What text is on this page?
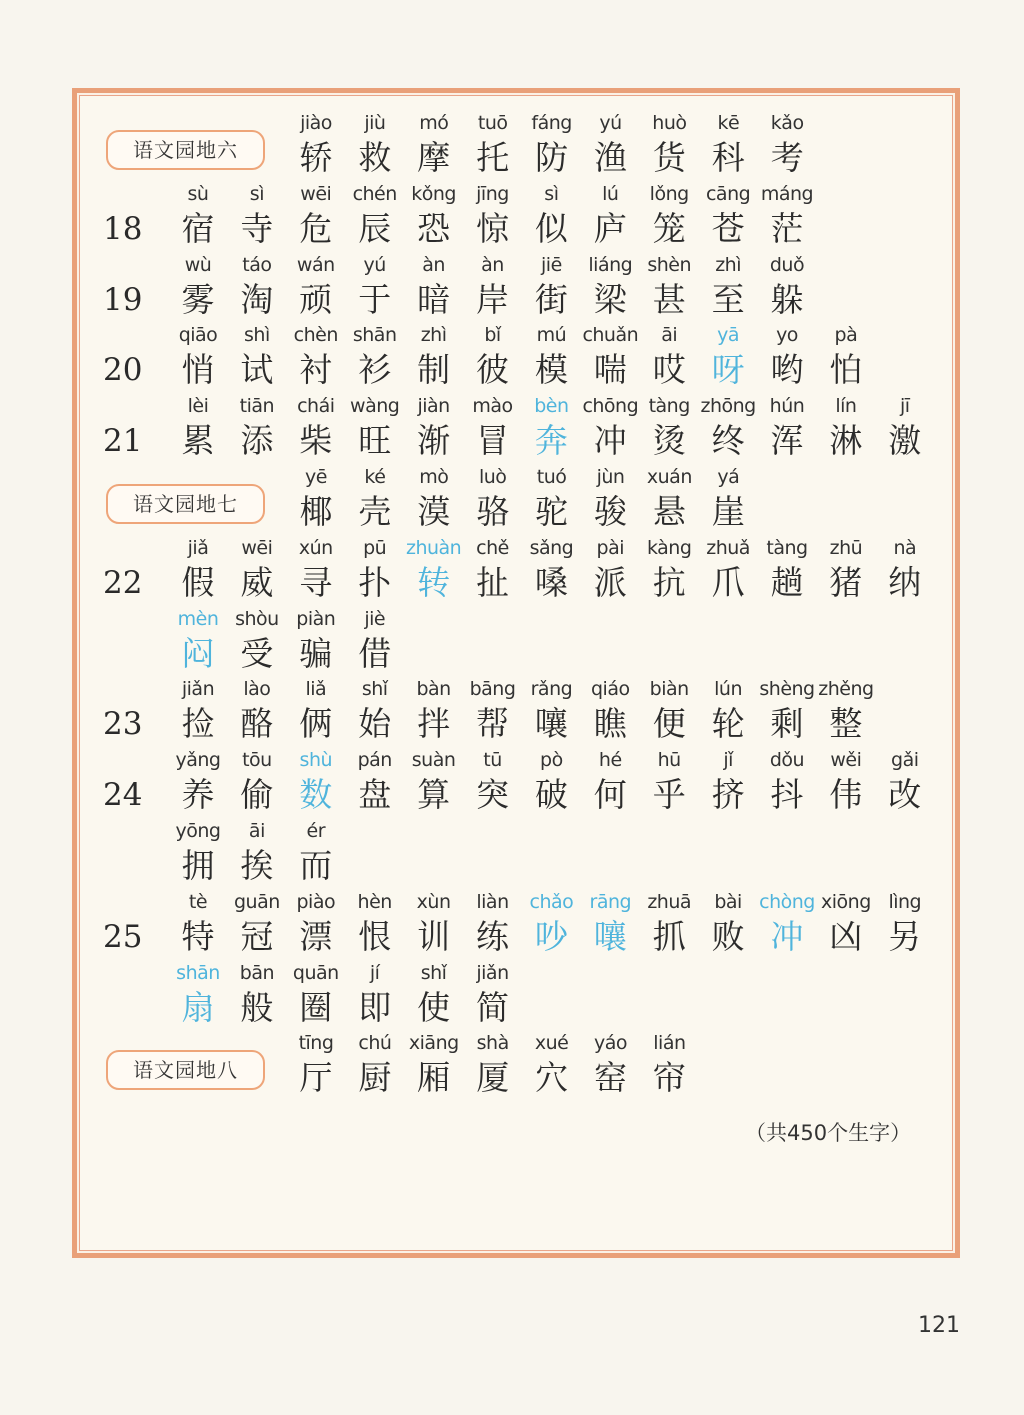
语文园地六
jiào
轿
jiù
救
mó
摩
tuō
托
fáng
防
yú
渔
huò
货
kē
科
kǎo
考
18
sù
宿
sì
寺
wēi
危
chén
辰
kǒng
恐
jīng
惊
sì
似
lú
庐
lǒng
笼
cāng
苍
máng
茫
19
wù
雾
táo
淘
wán
顽
yú
于
àn
暗
àn
岸
jiē
街
liáng
梁
shèn
甚
zhì
至
duǒ
躲
20
qiāo
悄
shì
试
chèn
衬
shān
衫
zhì
制
bǐ
彼
mú
模
chuǎn
喘
āi
哎
yā
呀
yo
哟
pà
怕
21
lèi
累
tiān
添
chái
柴
wàng
旺
jiàn
渐
mào
冒
bèn
奔
chōng
冲
tàng
烫
zhōng
终
hún
浑
lín
淋
jī
激
语文园地七
yē
椰
ké
壳
mò
漠
luò
骆
tuó
驼
jùn
骏
xuán
悬
yá
崖
22
jiǎ
假
wēi
威
xún
寻
pū
扑
zhuàn
转
chě
扯
sǎng
嗓
pài
派
kàng
抗
zhuǎ
爪
tàng
趟
zhū
猪
nà
纳
mèn
闷
shòu
受
piàn
骗
jiè
借
23
jiǎn
捡
lào
酪
liǎ
俩
shǐ
始
bàn
拌
bāng
帮
rǎng
嚷
qiáo
瞧
biàn
便
lún
轮
shèng
剩
zhěng
整
24
yǎng
养
tōu
偷
shù
数
pán
盘
suàn
算
tū
突
pò
破
hé
何
hū
乎
jǐ
挤
dǒu
抖
wěi
伟
gǎi
改
yōng
拥
āi
挨
ér
而
25
tè
特
guān
冠
piào
漂
hèn
恨
xùn
训
liàn
练
chǎo
吵
rāng
嚷
zhuā
抓
bài
败
chòng
冲
xiōng
凶
lìng
另
shān
扇
bān
般
quān
圈
jí
即
shǐ
使
jiǎn
简
语文园地八
tīng
厅
chú
厨
xiāng
厢
shà
厦
xué
穴
yáo
窑
lián
帘
（共450个生字）
121
